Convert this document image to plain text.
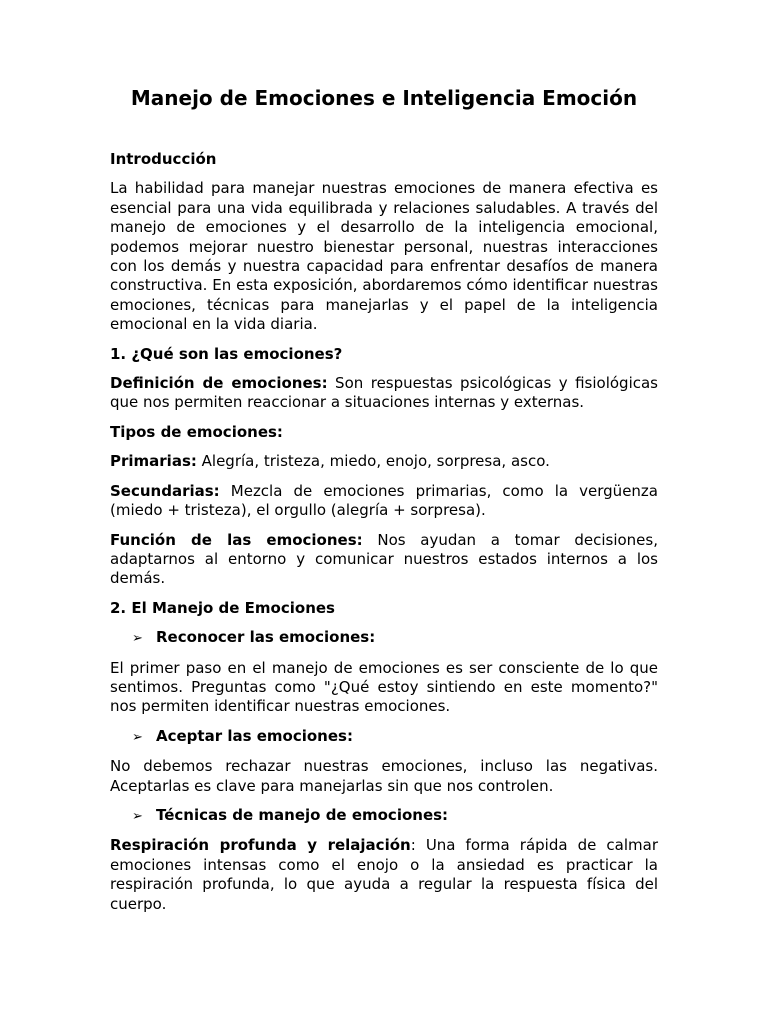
Manejo de Emociones e Inteligencia Emoción

Introducción

La habilidad para manejar nuestras emociones de manera efectiva es esencial para una vida equilibrada y relaciones saludables. A través del manejo de emociones y el desarrollo de la inteligencia emocional, podemos mejorar nuestro bienestar personal, nuestras interacciones con los demás y nuestra capacidad para enfrentar desafíos de manera constructiva. En esta exposición, abordaremos cómo identificar nuestras emociones, técnicas para manejarlas y el papel de la inteligencia emocional en la vida diaria.

1. ¿Qué son las emociones?

Definición de emociones: Son respuestas psicológicas y fisiológicas que nos permiten reaccionar a situaciones internas y externas.

Tipos de emociones:

Primarias: Alegría, tristeza, miedo, enojo, sorpresa, asco.

Secundarias: Mezcla de emociones primarias, como la vergüenza (miedo + tristeza), el orgullo (alegría + sorpresa).

Función de las emociones: Nos ayudan a tomar decisiones, adaptarnos al entorno y comunicar nuestros estados internos a los demás.

2. El Manejo de Emociones

➢ Reconocer las emociones:

El primer paso en el manejo de emociones es ser consciente de lo que sentimos. Preguntas como "¿Qué estoy sintiendo en este momento?" nos permiten identificar nuestras emociones.

➢ Aceptar las emociones:

No debemos rechazar nuestras emociones, incluso las negativas. Aceptarlas es clave para manejarlas sin que nos controlen.

➢ Técnicas de manejo de emociones:

Respiración profunda y relajación: Una forma rápida de calmar emociones intensas como el enojo o la ansiedad es practicar la respiración profunda, lo que ayuda a regular la respuesta física del cuerpo.
